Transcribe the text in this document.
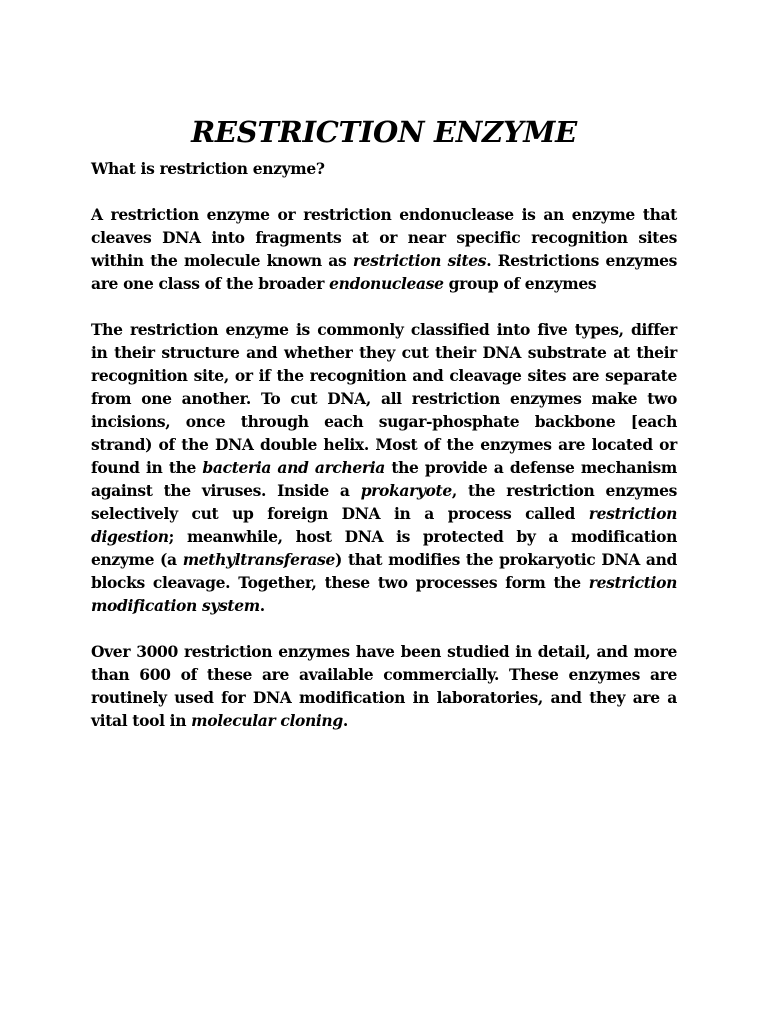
RESTRICTION ENZYME

What is restriction enzyme?

A restriction enzyme or restriction endonuclease is an enzyme that cleaves DNA into fragments at or near specific recognition sites within the molecule known as restriction sites. Restrictions enzymes are one class of the broader endonuclease group of enzymes

The restriction enzyme is commonly classified into five types, differ in their structure and whether they cut their DNA substrate at their recognition site, or if the recognition and cleavage sites are separate from one another. To cut DNA, all restriction enzymes make two incisions, once through each sugar-phosphate backbone [each strand) of the DNA double helix. Most of the enzymes are located or found in the bacteria and archeria the provide a defense mechanism against the viruses. Inside a prokaryote, the restriction enzymes selectively cut up foreign DNA in a process called restriction digestion; meanwhile, host DNA is protected by a modification enzyme (a methyltransferase) that modifies the prokaryotic DNA and blocks cleavage. Together, these two processes form the restriction modification system.

Over 3000 restriction enzymes have been studied in detail, and more than 600 of these are available commercially. These enzymes are routinely used for DNA modification in laboratories, and they are a vital tool in molecular cloning.
